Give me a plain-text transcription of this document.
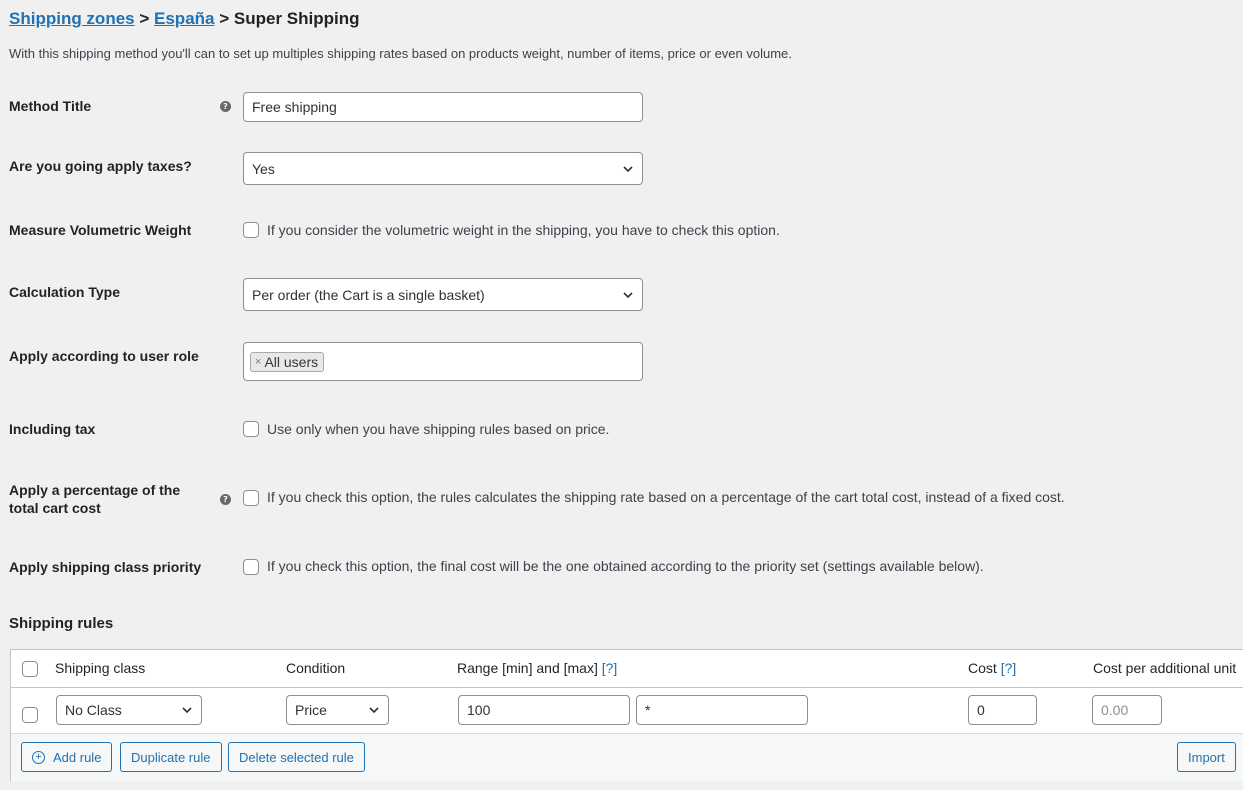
Shipping zones > España > Super Shipping
With this shipping method you'll can to set up multiples shipping rates based on products weight, number of items, price or even volume.
Method Title	? Free shipping
Are you going apply taxes?	Yes
Measure Volumetric Weight	If you consider the volumetric weight in the shipping, you have to check this option.
Calculation Type	Per order (the Cart is a single basket)
Apply according to user role	× All users
Including tax	Use only when you have shipping rules based on price.
Apply a percentage of the
total cart cost
?	If you check this option, the rules calculates the shipping rate based on a percentage of the cart total cost, instead of a fixed cost.
Apply shipping class priority	If you check this option, the final cost will be the one obtained according to the priority set (settings available below).
Shipping rules
Shipping class	Condition	Range [min] and [max] [?]	Cost [?]	Cost per additional unit
No Class	Price	100	*	0	0.00
+ Add rule Duplicate rule Delete selected rule	Import
